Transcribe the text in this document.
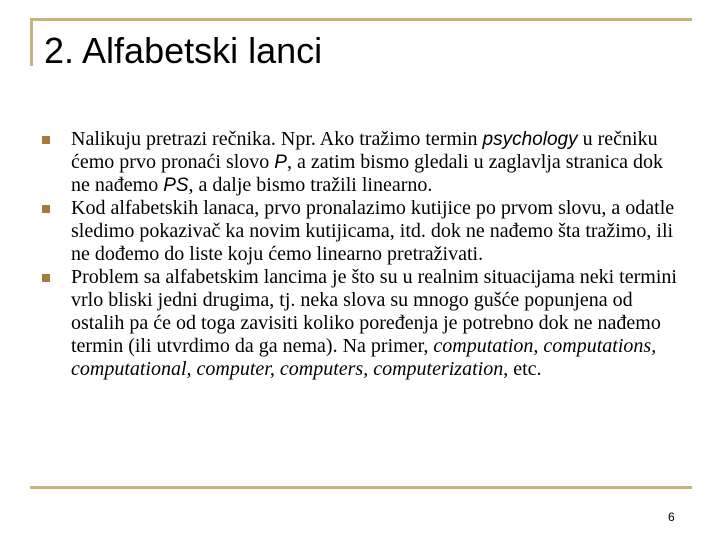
2. Alfabetski lanci
Nalikuju pretrazi rečnika. Npr. Ako tražimo termin psychology u rečniku ćemo prvo pronaći slovo P, a zatim bismo gledali u zaglavlja stranica dok ne nađemo PS, a dalje bismo tražili linearno.
Kod alfabetskih lanaca, prvo pronalazimo kutijice po prvom slovu, a odatle sledimo pokazivač ka novim kutijicama, itd. dok ne nađemo šta tražimo, ili ne dođemo do liste koju ćemo linearno pretraživati.
Problem sa alfabetskim lancima je što su u realnim situacijama neki termini vrlo bliski jedni drugima, tj. neka slova su mnogo gušće popunjena od ostalih pa će od toga zavisiti koliko poređenja je potrebno dok ne nađemo termin (ili utvrdimo da ga nema). Na primer, computation, computations, computational, computer, computers, computerization, etc.
6
